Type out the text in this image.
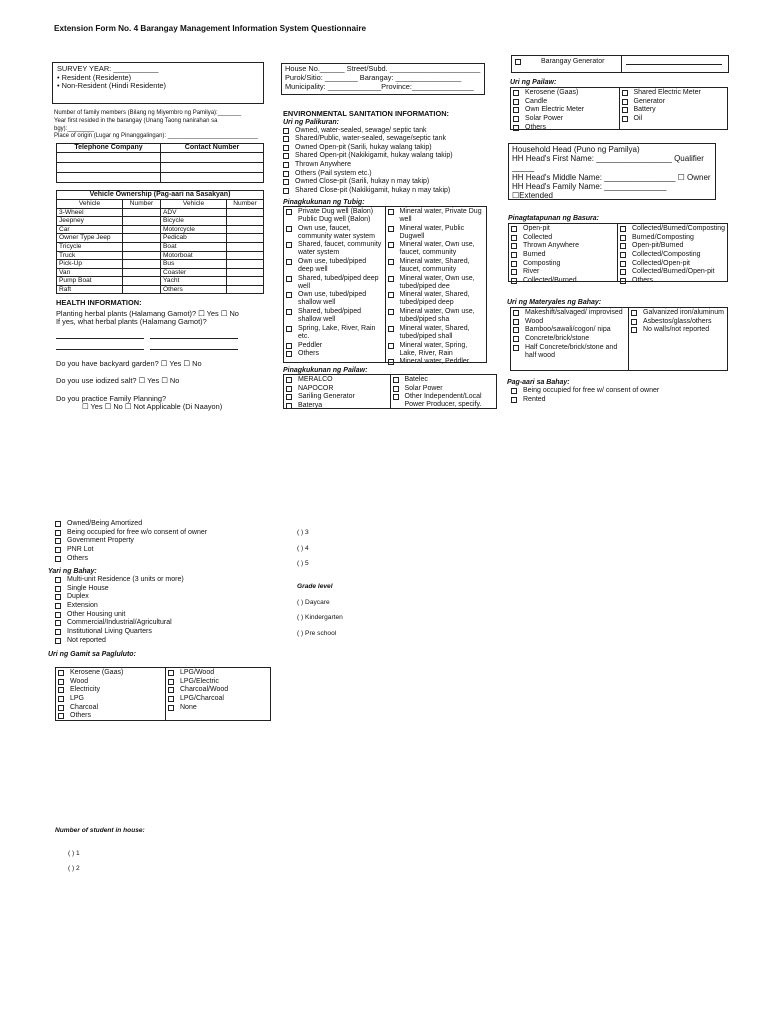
Extension Form No. 4 Barangay Management Information System Questionnaire
SURVEY YEAR: ___________
• Resident (Residente)
• Non-Resident (Hindi Residente)
Number of family members (Bilang ng Miyembro ng Pamilya):_______
Year first resided in the barangay (Unang Taong nanirahan sa
bgy):________
Place of origin (Lugar ng Pinanggalingan): ___________________________
Telephone Company	Contact Number

Vehicle Ownership (Pag-aari na Sasakyan)			
Vehicle	Number	Vehicle	Number
3-Wheel		ADV	
Jeepney		Bicycle	
Car		Motorcycle	
Owner Type Jeep		Pedicab	
Tricycle		Boat	
Truck		Motorboat	
Pick-Up		Bus	
Van		Coaster	
Pump Boat		Yacht	
Raft		Others	
HEALTH INFORMATION:
Planting herbal plants (Halamang Gamot)? ☐ Yes ☐ No
If yes, what herbal plants (Halamang Gamot)?

Do you have backyard garden? ☐ Yes ☐ No
Do you use iodized salt? ☐ Yes ☐ No
Do you practice Family Planning?
☐ Yes ☐ No ☐ Not Applicable (Di Naayon)
House No.______ Street/Subd. ______________________
Purok/Sitio: ________ Barangay: ________________
Municipality: _____________Province:_______________
ENVIRONMENTAL SANITATION INFORMATION:
Uri ng Palikuran:
Owned, water-sealed, sewage/ septic tank
Shared/Public, water-sealed, sewage/septic tank
Owned Open-pit (Sarili, hukay walang takip)
Shared Open-pit (Nakikigamit, hukay walang takip)
Thrown Anywhere
Others (Pail system etc.)
Owned Close-pit (Sarili, hukay n may takip)
Shared Close-pit (Nakikigamit, hukay n may takip)
Pinagkukunan ng Tubig:
Private Dug well (Balon)
Public Dug well (Balon)
Own use, faucet, community water system
Shared, faucet, community water system
Own use, tubed/piped deep well
Shared, tubed/piped deep well
Own use, tubed/piped shallow well
Shared, tubed/piped shallow well
Spring, Lake, River, Rain etc.
Peddler
Others
Mineral water, Private Dug well
Mineral water, Public Dugwell
Mineral water, Own use, faucet, community
Mineral water, Shared, faucet, community
Mineral water, Own use, tubed/piped dee
Mineral water, Shared, tubed/piped deep
Mineral water, Own use, tubed/piped sha
Mineral water, Shared, tubed/piped shall
Mineral water, Spring, Lake, River, Rain
Mineral water, Peddler
Pinagkukunan ng Pailaw:
MERALCO
NAPOCOR
Sariling Generator
Baterya
Batelec
Solar Power
Other Independent/Local Power Producer, specify.
Barangay Generator
Uri ng Pailaw:
Kerosene (Gaas)
Candle
Own Electric Meter
Solar Power
Others
Shared Electric Meter
Generator
Battery
Oil
Household Head (Puno ng Pamilya)
HH Head's First Name: _________________ Qualifier
_____
HH Head's Middle Name: ________________ ☐ Owner
HH Head's Family Name: ______________
☐Extended
Pinagtatapunan ng Basura:
Open-pit
Collected
Thrown Anywhere
Burned
Composting
River
Collected/Burned
Collected/Burned/Composting
Burned/Composting
Open-pit/Burned
Collected/Composting
Collected/Open-pit
Collected/Burned/Open-pit
Others
Uri ng Materyales ng Bahay:
Makeshift/salvaged/ improvised
Wood
Bamboo/sawali/cogon/ nipa
Concrete/brick/stone
Half Concrete/brick/stone and half wood
Galvanized iron/aluminum
Asbestos/glass/others
No walls/not reported
Pag-aari sa Bahay:
Being occupied for free w/ consent of owner
Rented
Owned/Being Amortized
Being occupied for free w/o consent of owner
Government Property
PNR Lot
Others
Yari ng Bahay:
Multi-unit Residence (3 units or more)
Single House
Duplex
Extension
Other Housing unit
Commercial/Industrial/Agricultural
Institutional Living Quarters
Not reported
Uri ng Gamit sa Pagluluto:
Kerosene (Gaas)
Wood
Electricity
LPG
Charcoal
Others
LPG/Wood
LPG/Electric
Charcoal/Wood
LPG/Charcoal
None
( ) 3
( ) 4
( ) 5
Grade level
( ) Daycare
( ) Kindergarten
( ) Pre school
Number of student in house:
( ) 1
( ) 2
